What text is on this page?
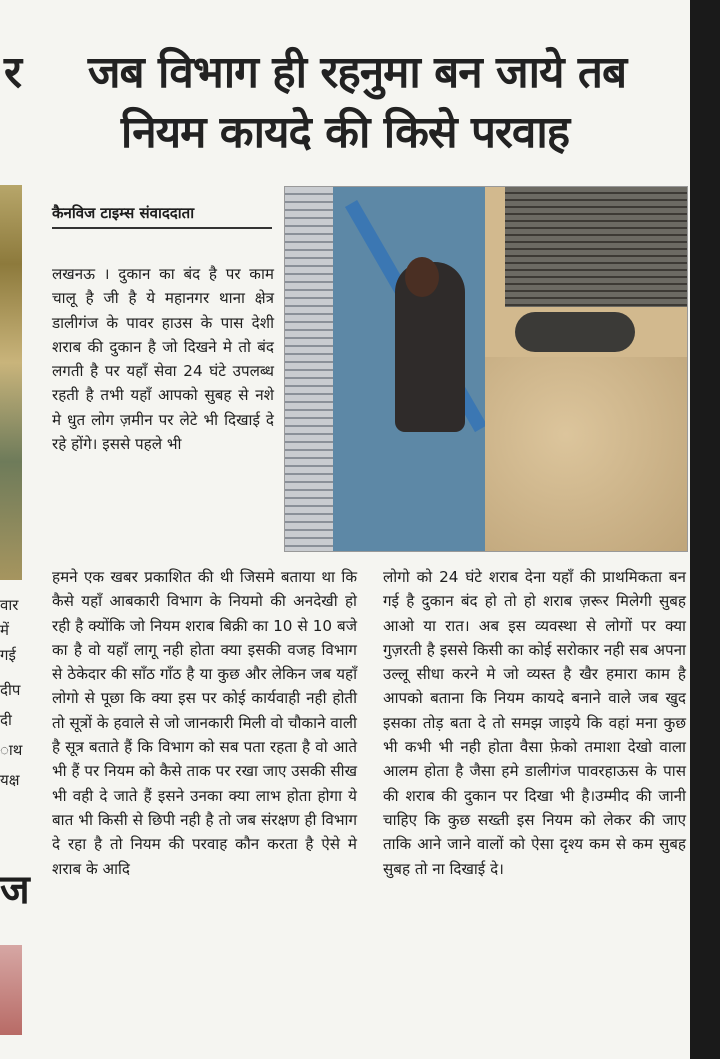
र	जब विभाग ही रहनुमा बन जाये तब
नियम कायदे की किसे परवाह
वार
में
गई
दीप
दी
ाथ
यक्ष
ज
कैनविज टाइम्स संवाददाता

लखनऊ । दुकान का बंद है पर काम चालू है जी है ये महानगर थाना क्षेत्र डालीगंज के पावर हाउस के पास देशी शराब की दुकान है जो दिखने मे तो बंद लगती है पर यहाँ सेवा 24 घंटे उपलब्ध रहती है तभी यहाँ आपको सुबह से नशे मे धुत लोग ज़मीन पर लेटे भी दिखाई दे रहे होंगे। इससे पहले भी

हमने एक खबर प्रकाशित की थी जिसमे बताया था कि कैसे यहाँ आबकारी विभाग के नियमो की अनदेखी हो रही है क्योंकि जो नियम शराब बिक्री का 10 से 10 बजे का है वो यहाँ लागू नही होता क्या इसकी वजह विभाग से ठेकेदार की साँठ गाँठ है या कुछ और लेकिन जब यहाँ लोगो से पूछा कि क्या इस पर कोई कार्यवाही नही होती तो सूत्रों के हवाले से जो जानकारी मिली वो चौकाने वाली है सूत्र बताते हैं कि विभाग को सब पता रहता है वो आते भी हैं पर नियम को कैसे ताक पर रखा जाए उसकी सीख भी वही दे जाते हैं इसने उनका क्या लाभ होता होगा ये बात भी किसी से छिपी नही है तो जब संरक्षण ही विभाग दे रहा है तो नियम की परवाह कौन करता है ऐसे मे शराब के आदि

लोगो को 24 घंटे शराब देना यहाँ की प्राथमिकता बन गई है दुकान बंद हो तो हो शराब ज़रूर मिलेगी सुबह आओ या रात। अब इस व्यवस्था से लोगों पर क्या गुज़रती है इससे किसी का कोई सरोकार नही सब अपना उल्लू सीधा करने मे जो व्यस्त है खैर हमारा काम है आपको बताना कि नियम कायदे बनाने वाले जब खुद इसका तोड़ बता दे तो समझ जाइये कि वहां मना कुछ भी कभी भी नही होता वैसा फ़ेको तमाशा देखो वाला आलम होता है जैसा हमे डालीगंज पावरहाऊस के पास की शराब की दुकान पर दिखा भी है।उम्मीद की जानी चाहिए कि कुछ सख्ती इस नियम को लेकर की जाए ताकि आने जाने वालों को ऐसा दृश्य कम से कम सुबह सुबह तो ना दिखाई दे।
